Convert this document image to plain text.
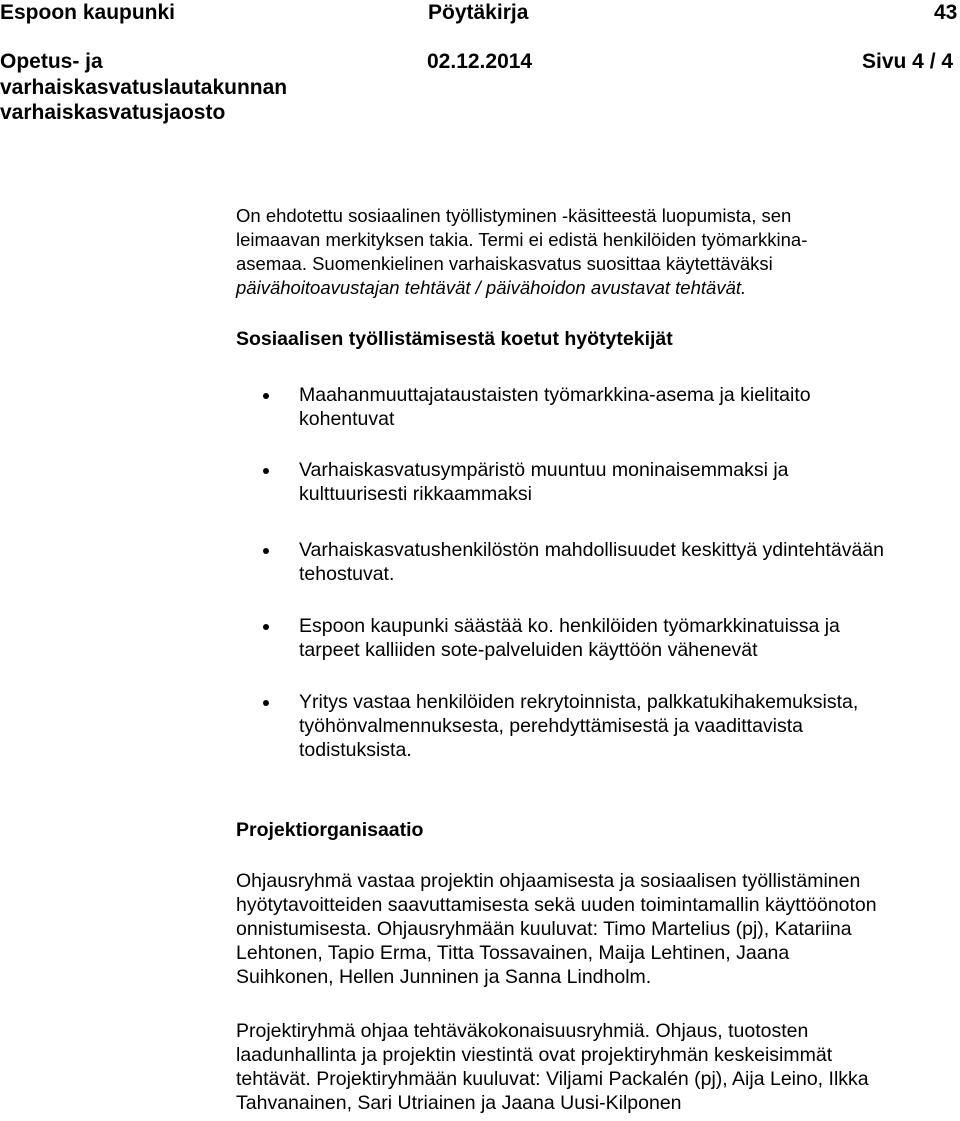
Espoon kaupunki	Pöytäkirja	43
Opetus- ja
varhaiskasvatuslautakunnan
varhaiskasvatusjaosto
02.12.2014	Sivu 4 / 4
On ehdotettu sosiaalinen työllistyminen -käsitteestä luopumista, sen
leimaavan merkityksen takia. Termi ei edistä henkilöiden työmarkkina-
asemaa. Suomenkielinen varhaiskasvatus suosittaa käytettäväksi
päivähoitoavustajan tehtävät / päivähoidon avustavat tehtävät.
Sosiaalisen työllistämisestä koetut hyötytekijät
Maahanmuuttajataustaisten työmarkkina-asema ja kielitaito
kohentuvat
Varhaiskasvatusympäristö muuntuu moninaisemmaksi ja
kulttuurisesti rikkaammaksi
Varhaiskasvatushenkilöstön mahdollisuudet keskittyä ydintehtävään
tehostuvat.
Espoon kaupunki säästää ko. henkilöiden työmarkkinatuissa ja
tarpeet kalliiden sote-palveluiden käyttöön vähenevät
Yritys vastaa henkilöiden rekrytoinnista, palkkatukihakemuksista,
työhönvalmennuksesta, perehdyttämisestä ja vaadittavista
todistuksista.
Projektiorganisaatio
Ohjausryhmä vastaa projektin ohjaamisesta ja sosiaalisen työllistäminen
hyötytavoitteiden saavuttamisesta sekä uuden toimintamallin käyttöönoton
onnistumisesta. Ohjausryhmään kuuluvat: Timo Martelius (pj), Katariina
Lehtonen, Tapio Erma, Titta Tossavainen, Maija Lehtinen, Jaana
Suihkonen, Hellen Junninen ja Sanna Lindholm.
Projektiryhmä ohjaa tehtäväkokonaisuusryhmiä. Ohjaus, tuotosten
laadunhallinta ja projektin viestintä ovat projektiryhmän keskeisimmät
tehtävät. Projektiryhmään kuuluvat: Viljami Packalén (pj), Aija Leino, Ilkka
Tahvanainen, Sari Utriainen ja Jaana Uusi-Kilponen
